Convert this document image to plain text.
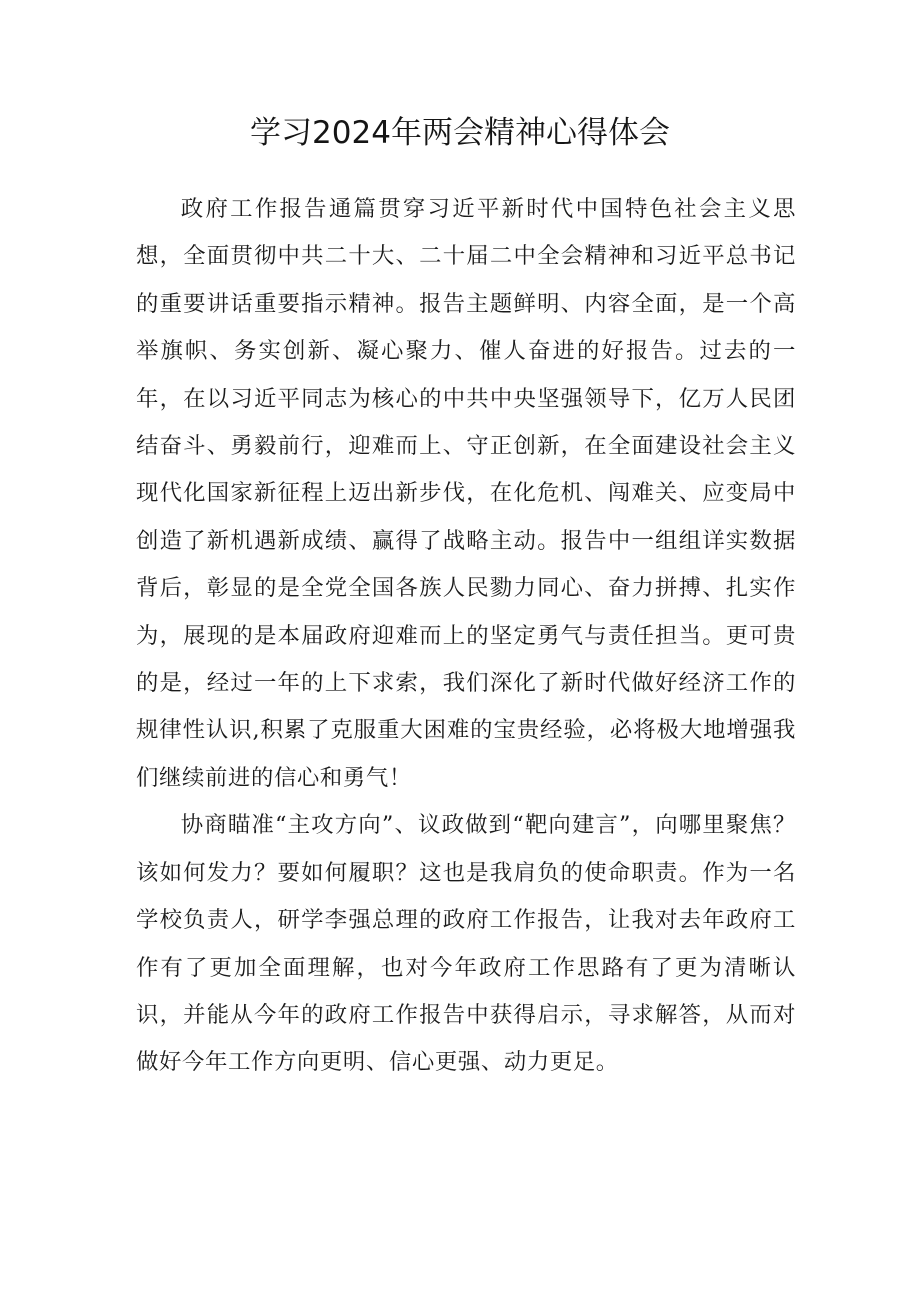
学习2024年两会精神心得体会

政府工作报告通篇贯穿习近平新时代中国特色社会主义思想，全面贯彻中共二十大、二十届二中全会精神和习近平总书记的重要讲话重要指示精神。报告主题鲜明、内容全面，是一个高举旗帜、务实创新、凝心聚力、催人奋进的好报告。过去的一年，在以习近平同志为核心的中共中央坚强领导下，亿万人民团结奋斗、勇毅前行，迎难而上、守正创新，在全面建设社会主义现代化国家新征程上迈出新步伐，在化危机、闯难关、应变局中创造了新机遇新成绩、赢得了战略主动。报告中一组组详实数据背后，彰显的是全党全国各族人民勠力同心、奋力拼搏、扎实作为，展现的是本届政府迎难而上的坚定勇气与责任担当。更可贵的是，经过一年的上下求索，我们深化了新时代做好经济工作的规律性认识,积累了克服重大困难的宝贵经验，必将极大地增强我们继续前进的信心和勇气！

协商瞄准“主攻方向”、议政做到“靶向建言”，向哪里聚焦？该如何发力？要如何履职？这也是我肩负的使命职责。作为一名学校负责人，研学李强总理的政府工作报告，让我对去年政府工作有了更加全面理解，也对今年政府工作思路有了更为清晰认识，并能从今年的政府工作报告中获得启示，寻求解答，从而对做好今年工作方向更明、信心更强、动力更足。
